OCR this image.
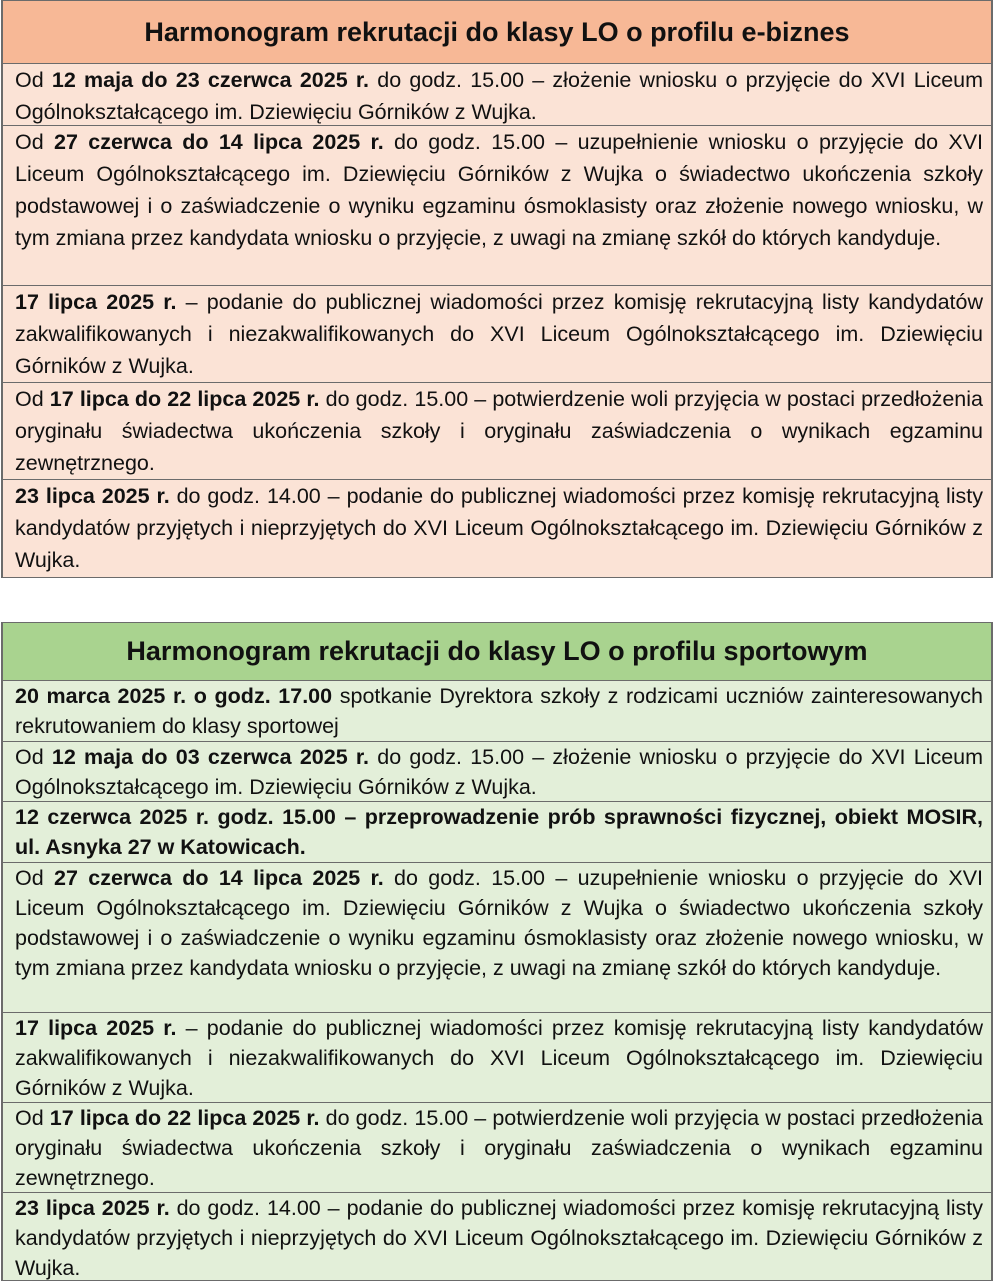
Harmonogram rekrutacji do klasy LO o profilu e-biznes
Od 12 maja do 23 czerwca 2025 r. do godz. 15.00 – złożenie wniosku o przyjęcie do XVI Liceum Ogólnokształcącego im. Dziewięciu Górników z Wujka.
Od 27 czerwca do 14 lipca 2025 r. do godz. 15.00 – uzupełnienie wniosku o przyjęcie do XVI Liceum Ogólnokształcącego im. Dziewięciu Górników z Wujka o świadectwo ukończenia szkoły podstawowej i o zaświadczenie o wyniku egzaminu ósmoklasisty oraz złożenie nowego wniosku, w tym zmiana przez kandydata wniosku o przyjęcie, z uwagi na zmianę szkół do których kandyduje.
17 lipca 2025 r. – podanie do publicznej wiadomości przez komisję rekrutacyjną listy kandydatów zakwalifikowanych i niezakwalifikowanych do XVI Liceum Ogólnokształcącego im. Dziewięciu Górników z Wujka.
Od 17 lipca do 22 lipca 2025 r. do godz. 15.00 – potwierdzenie woli przyjęcia w postaci przedłożenia oryginału świadectwa ukończenia szkoły i oryginału zaświadczenia o wynikach egzaminu zewnętrznego.
23 lipca 2025 r. do godz. 14.00 – podanie do publicznej wiadomości przez komisję rekrutacyjną listy kandydatów przyjętych i nieprzyjętych do XVI Liceum Ogólnokształcącego im. Dziewięciu Górników z Wujka.
Harmonogram rekrutacji do klasy LO o profilu sportowym
20 marca 2025 r. o godz. 17.00 spotkanie Dyrektora szkoły z rodzicami uczniów zainteresowanych rekrutowaniem do klasy sportowej
Od 12 maja do 03 czerwca 2025 r. do godz. 15.00 – złożenie wniosku o przyjęcie do XVI Liceum Ogólnokształcącego im. Dziewięciu Górników z Wujka.
12 czerwca 2025 r. godz. 15.00 – przeprowadzenie prób sprawności fizycznej, obiekt MOSIR, ul. Asnyka 27 w Katowicach.
Od 27 czerwca do 14 lipca 2025 r. do godz. 15.00 – uzupełnienie wniosku o przyjęcie do XVI Liceum Ogólnokształcącego im. Dziewięciu Górników z Wujka o świadectwo ukończenia szkoły podstawowej i o zaświadczenie o wyniku egzaminu ósmoklasisty oraz złożenie nowego wniosku, w tym zmiana przez kandydata wniosku o przyjęcie, z uwagi na zmianę szkół do których kandyduje.
17 lipca 2025 r. – podanie do publicznej wiadomości przez komisję rekrutacyjną listy kandydatów zakwalifikowanych i niezakwalifikowanych do XVI Liceum Ogólnokształcącego im. Dziewięciu Górników z Wujka.
Od 17 lipca do 22 lipca 2025 r. do godz. 15.00 – potwierdzenie woli przyjęcia w postaci przedłożenia oryginału świadectwa ukończenia szkoły i oryginału zaświadczenia o wynikach egzaminu zewnętrznego.
23 lipca 2025 r. do godz. 14.00 – podanie do publicznej wiadomości przez komisję rekrutacyjną listy kandydatów przyjętych i nieprzyjętych do XVI Liceum Ogólnokształcącego im. Dziewięciu Górników z Wujka.
